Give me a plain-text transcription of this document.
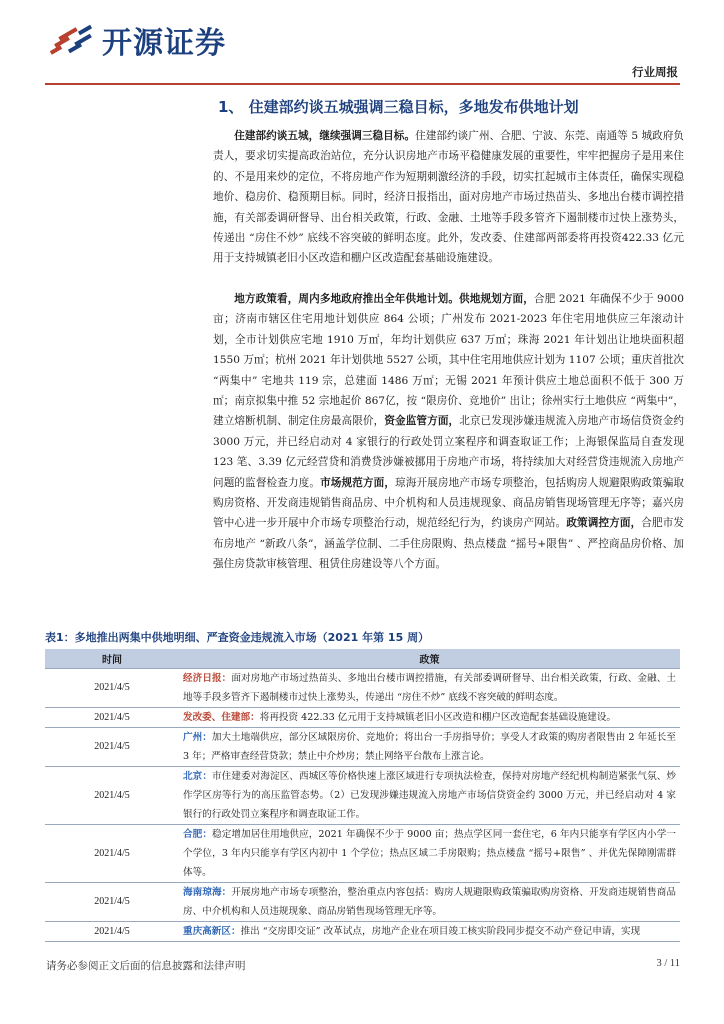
开源证券
行业周报
1、 住建部约谈五城强调三稳目标，多地发布供地计划
住建部约谈五城，继续强调三稳目标。住建部约谈广州、合肥、宁波、东莞、南通等 5 城政府负责人，要求切实提高政治站位，充分认识房地产市场平稳健康发展的重要性，牢牢把握房子是用来住的、不是用来炒的定位，不将房地产作为短期刺激经济的手段，切实扛起城市主体责任，确保实现稳地价、稳房价、稳预期目标。同时，经济日报指出，面对房地产市场过热苗头、多地出台楼市调控措施，有关部委调研督导、出台相关政策，行政、金融、土地等手段多管齐下遏制楼市过快上涨势头，传递出 “房住不炒” 底线不容突破的鲜明态度。此外，发改委、住建部两部委将再投资422.33 亿元用于支持城镇老旧小区改造和棚户区改造配套基础设施建设。
地方政策看，周内多地政府推出全年供地计划。供地规划方面，合肥 2021 年确保不少于 9000 亩；济南市辖区住宅用地计划供应 864 公顷；广州发布 2021-2023 年住宅用地供应三年滚动计划，全市计划供应宅地 1910 万㎡，年均计划供应 637 万㎡；珠海 2021 年计划出让地块面积超 1550 万㎡；杭州 2021 年计划供地 5527 公顷，其中住宅用地供应计划为 1107 公顷；重庆首批次 “两集中” 宅地共 119 宗，总建面 1486 万㎡；无锡 2021 年预计供应土地总面积不低于 300 万㎡；南京拟集中推 52 宗地起价 867亿，按 “限房价、竞地价” 出让；徐州实行土地供应 “两集中”，建立熔断机制、制定住房最高限价，资金监管方面，北京已发现涉嫌违规流入房地产市场信贷资金约 3000 万元，并已经启动对 4 家银行的行政处罚立案程序和调查取证工作；上海银保监局自查发现 123 笔、3.39 亿元经营贷和消费贷涉嫌被挪用于房地产市场，将持续加大对经营贷违规流入房地产问题的监督检查力度。市场规范方面，琼海开展房地产市场专项整治，包括购房人规避限购政策骗取购房资格、开发商违规销售商品房、中介机构和人员违规现象、商品房销售现场管理无序等；嘉兴房管中心进一步开展中介市场专项整治行动，规范经纪行为，约谈房产网站。政策调控方面，合肥市发布房地产 “新政八条”，涵盖学位制、二手住房限购、热点楼盘 “摇号+限售” 、严控商品房价格、加强住房贷款审核管理、租赁住房建设等八个方面。
表1：多地推出两集中供地明细、严查资金违规流入市场（2021 年第 15 周）
时间	政策
2021/4/5	经济日报：面对房地产市场过热苗头、多地出台楼市调控措施，有关部委调研督导、出台相关政策，行政、金融、土地等手段多管齐下遏制楼市过快上涨势头，传递出 “房住不炒” 底线不容突破的鲜明态度。
2021/4/5	发改委、住建部：将再投资 422.33 亿元用于支持城镇老旧小区改造和棚户区改造配套基础设施建设。
2021/4/5	广州：加大土地端供应，部分区域限房价、竞地价；将出台一手房指导价；享受人才政策的购房者限售由 2 年延长至 3 年；严格审查经营贷款；禁止中介炒房；禁止网络平台散布上涨言论。
2021/4/5	北京：市住建委对海淀区、西城区等价格快速上涨区域进行专项执法检查，保持对房地产经纪机构制造紧张气氛、炒作学区房等行为的高压监管态势。（2）已发现涉嫌违规流入房地产市场信贷资金约 3000 万元，并已经启动对 4 家银行的行政处罚立案程序和调查取证工作。
2021/4/5	合肥：稳定增加居住用地供应，2021 年确保不少于 9000 亩；热点学区同一套住宅，6 年内只能享有学区内小学一个学位，3 年内只能享有学区内初中 1 个学位；热点区域二手房限购；热点楼盘 “摇号+限售” 、并优先保障刚需群体等。
2021/4/5	海南琼海：开展房地产市场专项整治，整治重点内容包括：购房人规避限购政策骗取购房资格、开发商违规销售商品房、中介机构和人员违规现象、商品房销售现场管理无序等。
2021/4/5	重庆高新区：推出 “交房即交证” 改革试点，房地产企业在项目竣工核实阶段同步提交不动产登记申请，实现
请务必参阅正文后面的信息披露和法律声明	3 / 11
